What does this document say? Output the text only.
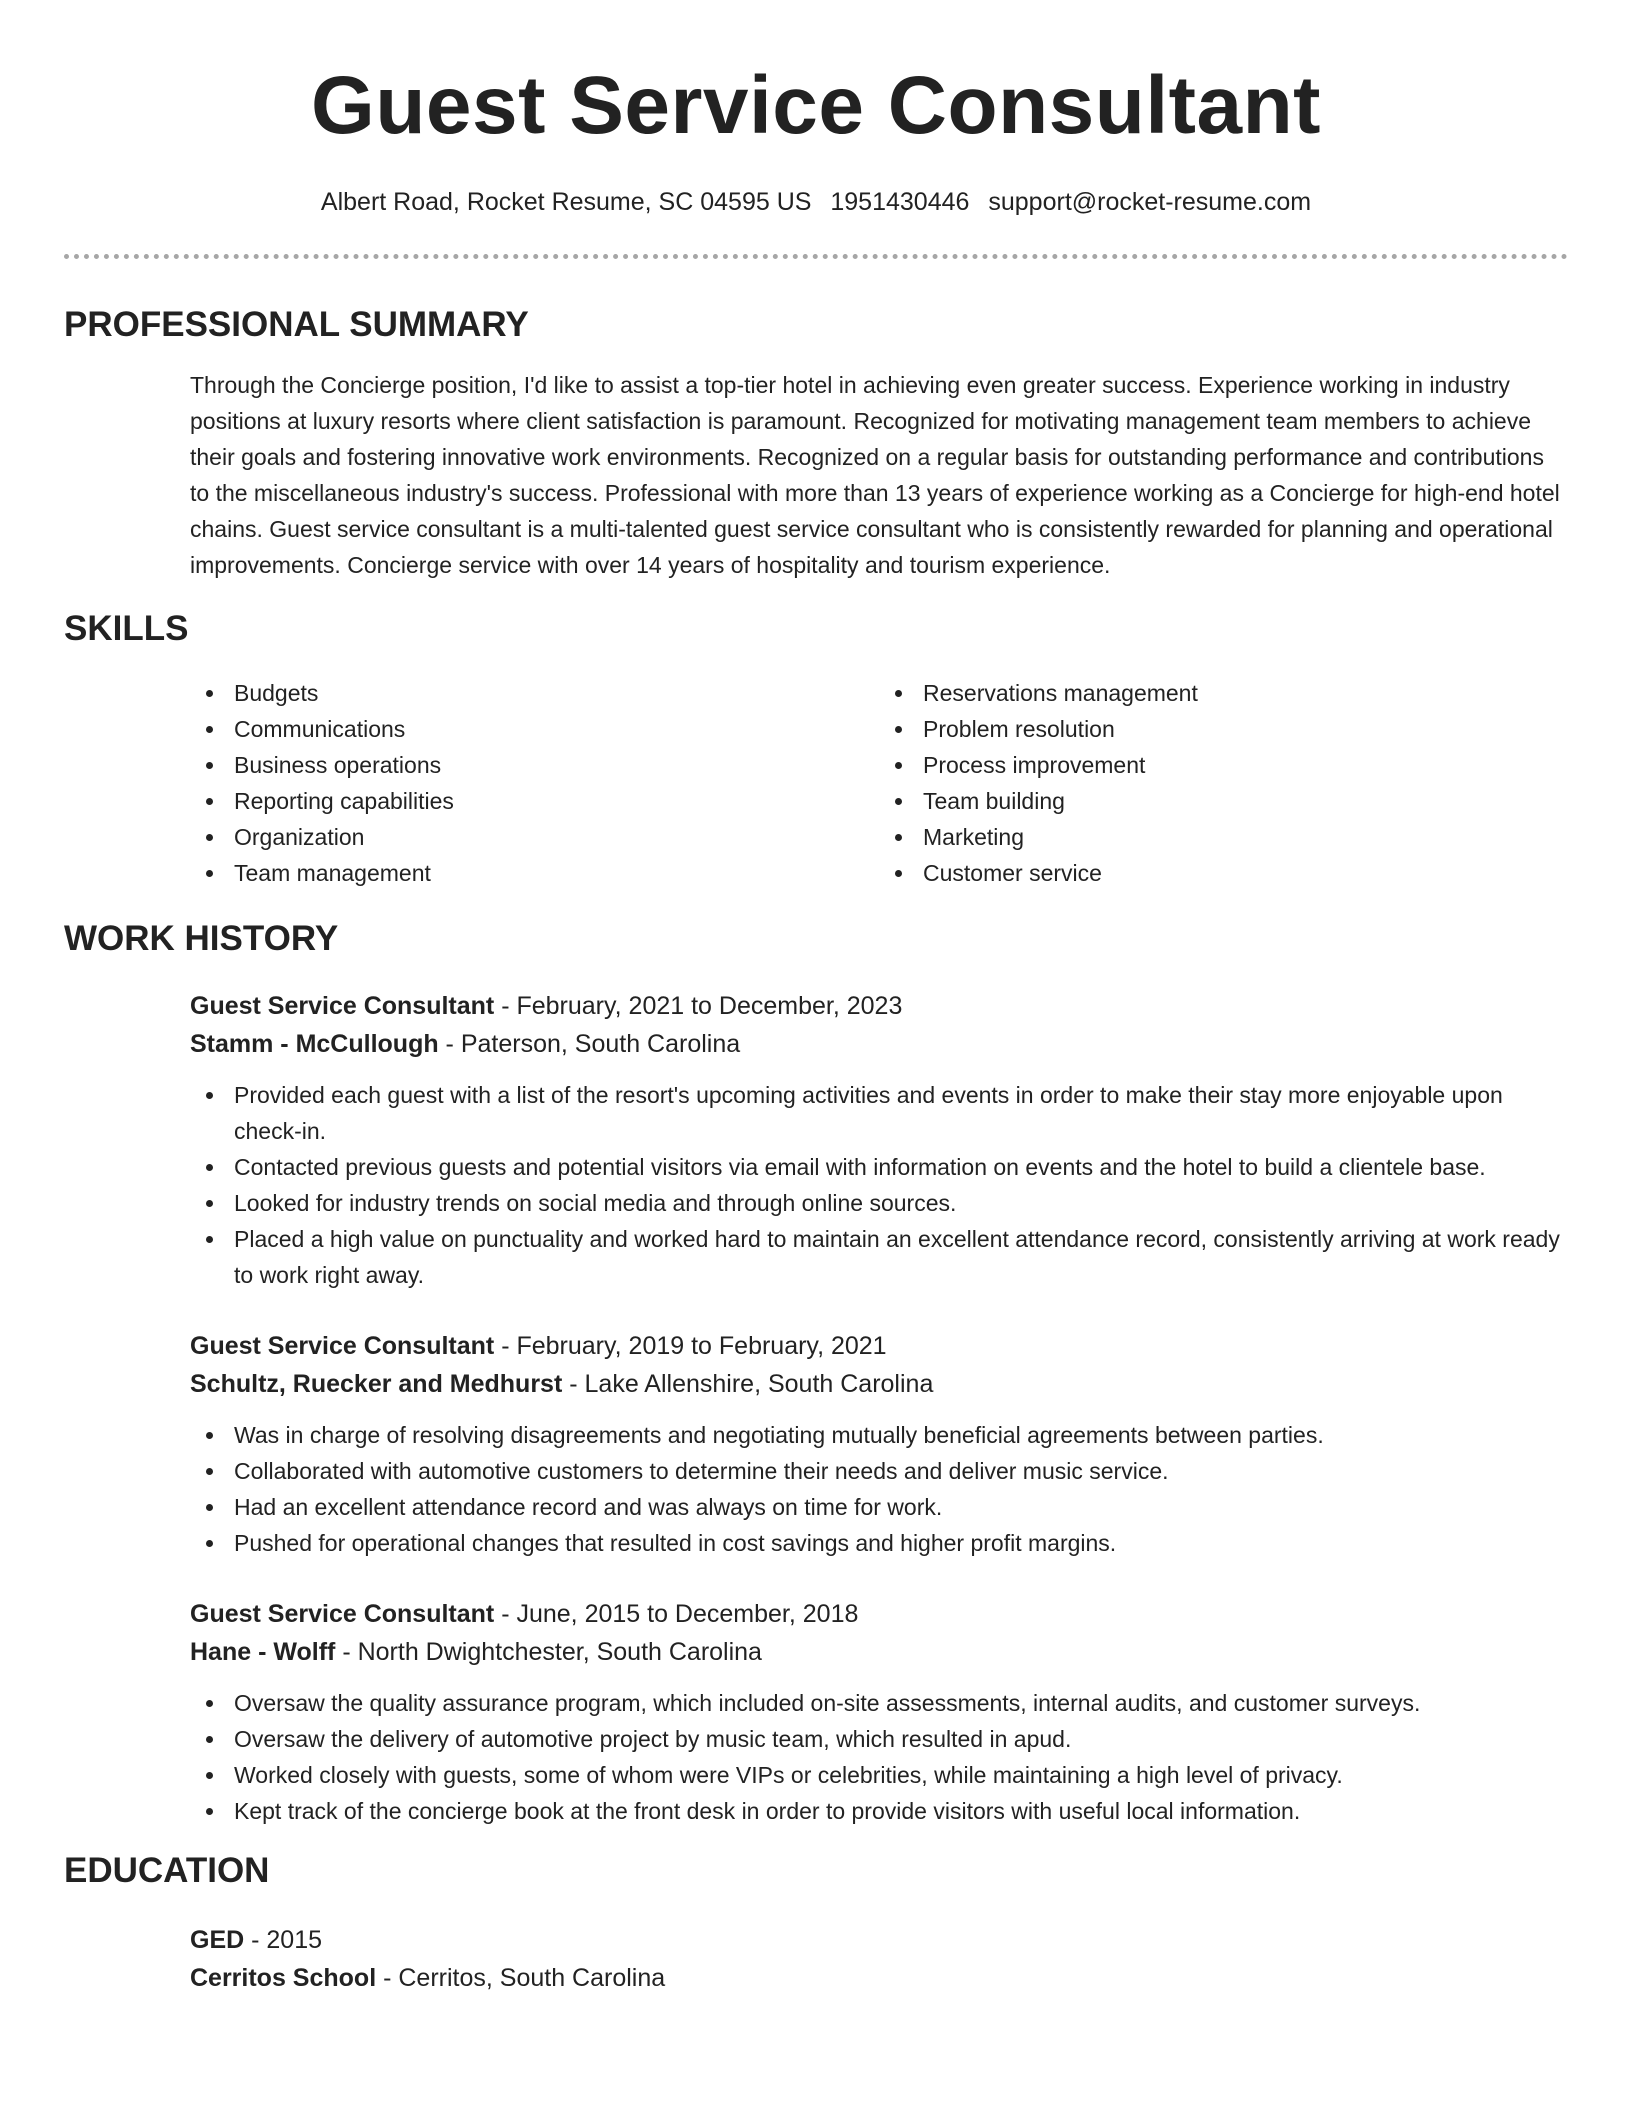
Guest Service Consultant
Albert Road, Rocket Resume, SC 04595 US 1951430446 support@rocket-resume.com
PROFESSIONAL SUMMARY

Through the Concierge position, I'd like to assist a top-tier hotel in achieving even greater success. Experience working in industry positions at luxury resorts where client satisfaction is paramount. Recognized for motivating management team members to achieve their goals and fostering innovative work environments. Recognized on a regular basis for outstanding performance and contributions to the miscellaneous industry's success. Professional with more than 13 years of experience working as a Concierge for high-end hotel chains. Guest service consultant is a multi-talented guest service consultant who is consistently rewarded for planning and operational improvements. Concierge service with over 14 years of hospitality and tourism experience.

SKILLS
Budgets
Communications
Business operations
Reporting capabilities
Organization
Team management
Reservations management
Problem resolution
Process improvement
Team building
Marketing
Customer service
WORK HISTORY
Guest Service Consultant - February, 2021 to December, 2023
Stamm - McCullough - Paterson, South Carolina
Provided each guest with a list of the resort's upcoming activities and events in order to make their stay more enjoyable upon check-in.
Contacted previous guests and potential visitors via email with information on events and the hotel to build a clientele base.
Looked for industry trends on social media and through online sources.
Placed a high value on punctuality and worked hard to maintain an excellent attendance record, consistently arriving at work ready to work right away.
Guest Service Consultant - February, 2019 to February, 2021
Schultz, Ruecker and Medhurst - Lake Allenshire, South Carolina
Was in charge of resolving disagreements and negotiating mutually beneficial agreements between parties.
Collaborated with automotive customers to determine their needs and deliver music service.
Had an excellent attendance record and was always on time for work.
Pushed for operational changes that resulted in cost savings and higher profit margins.
Guest Service Consultant - June, 2015 to December, 2018
Hane - Wolff - North Dwightchester, South Carolina
Oversaw the quality assurance program, which included on-site assessments, internal audits, and customer surveys.
Oversaw the delivery of automotive project by music team, which resulted in apud.
Worked closely with guests, some of whom were VIPs or celebrities, while maintaining a high level of privacy.
Kept track of the concierge book at the front desk in order to provide visitors with useful local information.
EDUCATION
GED - 2015
Cerritos School - Cerritos, South Carolina
